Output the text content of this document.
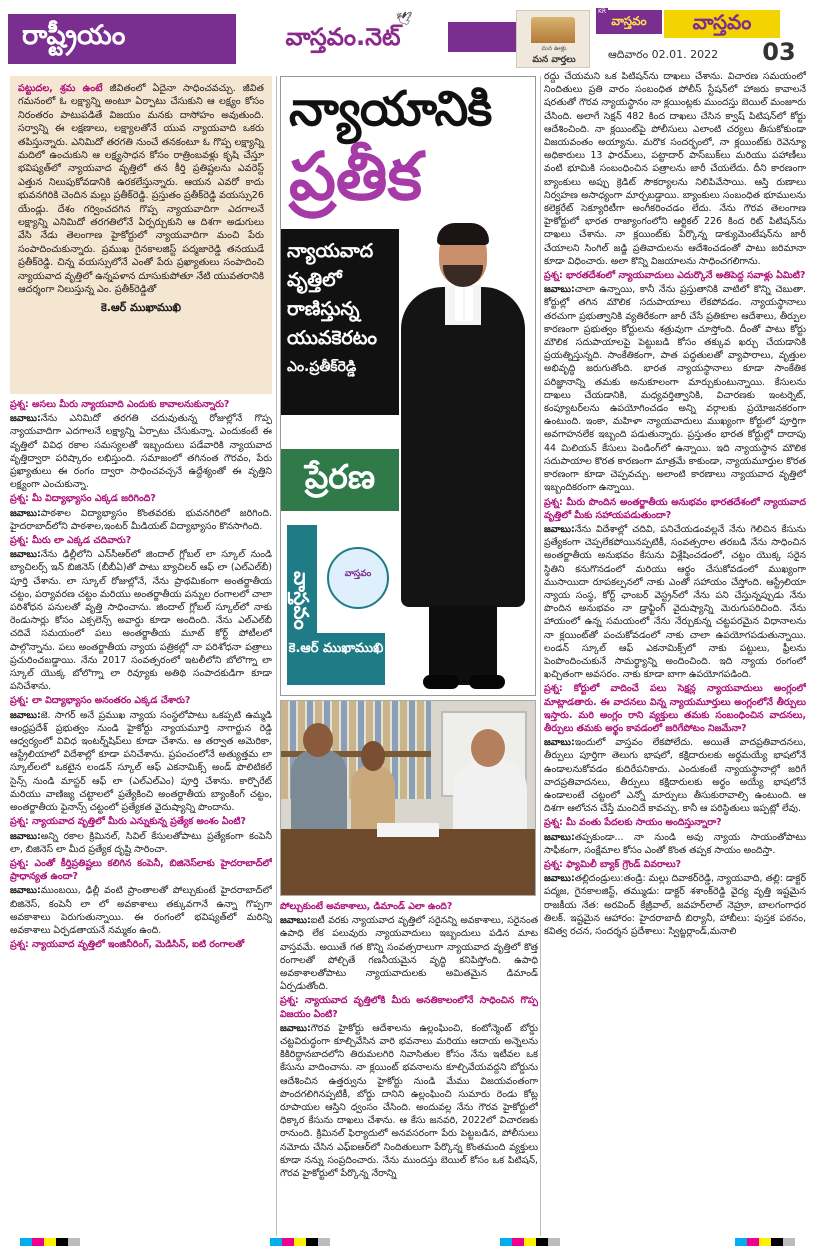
రాష్ట్రీయం	వాస్తవం.నెట్
🕊
మన ఊళ్లు
మన వార్తలు
వాస్తవం
KR	వాస్తవం
ఆదివారం 02.01. 2022	03
పట్టుదల, శ్రమ ఉంటే జీవితంలో ఏదైనా సాధించవచ్చు. జీవిత గమనంలో ఓ లక్ష్యాన్ని అంటూ ఏర్పాటు చేసుకుని ఆ లక్ష్యం కోసం నిరంతరం పాటుపడితే విజయం మనకు దాసోహం అవుతుంది. సర్వాన్ని ఈ లక్షణాలు, లక్ష్యాలతోనే యువ న్యాయవాది ఒకరు తపిస్తున్నారు. ఎనిమిదో తరగతి నుంచే తనకంటూ ఓ గొప్ప లక్ష్యాన్ని మదిలో ఉంచుకుని ఆ లక్ష్యసాధన కోసం రాత్రింబవళ్లు కృషి చేస్తూ భవిష్యత్‌లో న్యాయవాద వృత్తిలో తన కీర్తి ప్రతిష్టలను ఎవరెస్ట్ ఎత్తున నిలుపుకోవడానికి ఉరకలేస్తున్నారు. ఆయన ఎవరో కాదు భువనగిరికి చెందిన మల్లు ప్రతీక్‌రెడ్డి. ప్రస్తుతం ప్రతీక్‌రెడ్డి వయస్సు26 యేండ్లు. దేశం గర్వించదగిన గొప్ప న్యాయవాదిగా ఎదగాలనే లక్ష్యాన్ని ఎనిమిదో తరగతిలోనే ఏర్పర్చుకుని ఆ దిశగా అడుగులు వేసి నేడు తెలంగాణ హైకోర్టులో న్యాయవాదిగా మంచి పేరు సంపాదించుకున్నారు. ప్రముఖ గైనకాలజిస్ట్ పద్మజారెడ్డి తనయుడే ప్రతీక్‌రెడ్డి. చిన్న వయస్సులోనే ఎంతో పేరు ప్రఖ్యాతులు సంపాదించి న్యాయవాద వృత్తిలో ఉన్నపళాన దూసుకుపోతూ నేటి యువతరానికి ఆదర్శంగా నిలుస్తున్న ఎం. ప్రతీక్‌రెడ్డితో
కె.ఆర్ ముఖాముఖి

ప్రశ్న: అసలు మీరు న్యాయవాది ఎందుకు కావాలనుకున్నారు?

జవాబు:నేను ఎనిమిదో తరగతి చదువుతున్న రోజుల్లోనే గొప్ప న్యాయవాదిగా ఎదగాలనే లక్ష్యాన్ని ఏర్పాటు చేసుకున్నా. ఎందుకంటే ఈ వృత్తిలో వివిధ రకాల సమస్యలతో ఇబ్బందులు పడేవారికి న్యాయవాద వృత్తిద్వారా పరిష్కారం లభిస్తుంది. సమాజంలో తగినంత గౌరవం, పేరు ప్రఖ్యాతులు ఈ రంగం ద్వారా సాధించవచ్చనే ఉద్దేశ్యంతో ఈ వృత్తిని లక్ష్యంగా ఎంచుకున్నా.

ప్రశ్న: మీ విద్యాభ్యాసం ఎక్కడ జరిగింది?

జవాబు:పాఠశాల విద్యాభ్యాసం కొంతవరకు భువనగిరిలో జరిగింది. హైదరాబాద్‌లోని పాఠశాల,ఇంటర్ మీడియట్ విద్యాభ్యాసం కొనసాగింది.

ప్రశ్న: మీరు లా ఎక్కడ చదివారు?

జవాబు:నేను ఢిల్లీలోని ఎన్‌సీఆర్‌లో జిందాల్ గ్లోబల్ లా స్కూల్ నుండి బ్యాచిలర్స్ ఇన్ బిజినెస్ (బీబీఏ)తో పాటు బ్యాచిలర్ ఆఫ్ లా (ఎల్‌ఎల్‌బీ) పూర్తి చేశాను. లా స్కూల్ రోజుల్లోనే, నేను ప్రాథమికంగా అంతర్జాతీయ చట్టం, పర్యావరణ చట్టం మరియు అంతర్జాతీయ పన్నుల రంగాలలో చాలా పరిశోధన పనులతో వృత్తి సాధించాను. జిందాల్ గ్లోబల్ స్కూల్‌లో నాకు రెండుసార్లు కోసం ఎక్సలెన్స్ అవార్డు కూడా అందింది. నేను ఎల్‌ఎల్‌బీ చదివే సమయంలో పలు అంతర్జాతీయ మూట్ కోర్ట్ పోటీలలో పాల్గొన్నాను. పలు అంతర్జాతీయ న్యాయ పత్రికల్లో నా పరిశోధనా పత్రాలు ప్రచురించబడ్డాయి. నేను 2017 సంవత్సరంలో ఇటలీలోని బోలొగ్నా లా స్కూల్ యొక్క బోలొగ్నా లా రివ్యూకు అతిథి సంపాదకుడిగా కూడా పనిచేశాను.

ప్రశ్న: లా విద్యాభ్యాసం అనంతరం ఎక్కడ చేశారు?

జవాబు:జె. సాగర్ అనే ప్రముఖ న్యాయ సంస్థలోపాటు ఒకప్పటి ఉమ్మడి ఆంధ్రప్రదేశ్ ప్రభుత్వం నుండి హైకోర్టు న్యాయమూర్తి నాగార్జున రెడ్డి ఆధ్వర్యంలో వివిధ ఇంటర్న్‌షిప్‌లు కూడా చేశాను. ఆ తర్వాత అమెరికా, ఆస్ట్రేలియాలో విదేశాల్లో కూడా పనిచేశాను. ప్రపంచంలోనే అత్యుత్తమ లా స్కూల్‌లలో ఒకటైన లండన్ స్కూల్ ఆఫ్ ఎకనామిక్స్ అండ్ పొలిటికల్ సైన్స్ నుండి మాస్టర్ ఆఫ్ లా (ఎల్‌ఎల్‌ఎం) పూర్తి చేశాను. కార్పొరేట్ మరియు వాణిజ్య చట్టాలలో ప్రత్యేకించి అంతర్జాతీయ బ్యాంకింగ్ చట్టం, అంతర్జాతీయ ఫైనాన్స్ చట్టంలో ప్రత్యేకత వైదుష్యాన్ని పొందాను.

ప్రశ్న: న్యాయవాద వృత్తిలో మీరు ఎన్నుకున్న ప్రత్యేక అంశం ఏంటి?

జవాబు:అన్ని రకాల క్రిమినల్, సివిల్ కేసులతోపాటు ప్రత్యేకంగా కంపెనీ లా, బిజినెస్ లా మీద ప్రత్యేక దృష్టి సారించా.

ప్రశ్న: ఎంతో కీర్తిప్రతిష్టలు కలిగిన కంపెనీ, బిజినెస్‌లాకు హైదరాబాద్‌లో ప్రాధాన్యత ఉందా?

జవాబు:ముంబయి, ఢిల్లీ వంటి ప్రాంతాలతో పోల్చుకుంటే హైదరాబాద్‌లో బిజినెస్, కంపెనీ లా లో అవకాశాలు తక్కువగానే ఉన్నా గొప్పగా అవకాశాలు పెరుగుతున్నాయి. ఈ రంగంలో భవిష్యత్‌లో మరిన్ని అవకాశాలు ఏర్పడతాయనే నమ్మకం ఉంది.

ప్రశ్న: న్యాయవాద వృత్తిలో ఇంజినీరింగ్, మెడిసిన్, ఐటి రంగాలతో

న్యాయానికి
ప్రతీక
న్యాయవాద
వృత్తిలో
రాణిస్తున్న
యువకెరటం
ఎం.ప్రతీక్‌రెడ్డి
ప్రేరణ
వాస్తవం	వాస్తవం
కె.ఆర్ ముఖాముఖి

పోల్చుకుంటే అవకాశాలు, డిమాండ్ ఎలా ఉంది?

జవాబు:ఐటీ వరకు న్యాయవాద వృత్తిలో సరైనన్ని అవకాశాలు, సరైనంత ఉపాధి లేక పలువురు న్యాయవాదులు ఇబ్బందులు పడిన మాట వాస్తవమే. అయితే గత కొన్ని సంవత్సరాలుగా న్యాయవాద వృత్తిలో కొత్త రంగాలతో పోల్చితే గణనీయమైన వృద్ధి కనిపిస్తోంది. ఉపాధి అవకాశాలతోపాటు న్యాయవాదులకు అమితమైన డిమాండ్ ఏర్పడుతోంది.

ప్రశ్న: న్యాయవాద వృత్తిలోకి మీరు అనతికాలంలోనే సాధించిన గొప్ప విజయం ఏంటి?

జవాబు:గౌరవ హైకోర్టు ఆదేశాలను ఉల్లంఘించి, కంటోన్మెంట్ బోర్డు చట్టవిరుద్ధంగా కూల్చివేసిన వారి భవనాలు మరియు ఆదాయ అన్నెలను కికిరిద్దానబాదలోని తిరుమలగిరి నివాసితుల కోసం నేను ఇటీవల ఒక కేసును వాదించాను. నా క్లయింట్ భవనాలను కూల్చివేయవద్దని బోర్డును ఆదేశించిన ఉత్తర్వును హైకోర్టు నుండి మేము విజయవంతంగా పొందగలిగినప్పటికీ, బోర్డు దానిని ఉల్లంఘించి సుమారు రెండు కోట్ల రూపాయల ఆస్తిని ధ్వంసం చేసింది. అందువల్ల నేను గౌరవ హైకోర్టులో ధిక్కార కేసును దాఖలు చేశాను. ఆ కేసు జనవరి, 2022లో విచారణకు రానుంది. క్రిమినల్ ఫిర్యాదులో అనవసరంగా పేరు పెట్టబడిన, పోలీసులు నమోదు చేసిన ఎఫ్‌ఐఆర్‌లో నిందితులుగా పేర్కొన్న కొంతమంది వ్యక్తులు కూడా నన్ను సంప్రదించారు. నేను ముందస్తు బెయిల్ కోసం ఒక పిటిషన్, గౌరవ హైకోర్టులో పేర్కొన్న నేరాన్ని

రద్దు చేయమని ఒక పిటిషన్‌ను దాఖలు చేశాను. విచారణ సమయంలో నిందితులు ప్రతి వారం సంబంధిత పోలీస్ స్టేషన్‌లో హాజరు కావాలనే షరతుతో గౌరవ న్యాయస్థానం నా క్లయింట్లకు ముందస్తు బెయిల్ మంజూరు చేసింది. అలాగే సెక్షన్ 482 కింద దాఖలు చేసిన క్వాష్ పిటిషన్‌లో కోర్టు ఆదేశించింది. నా క్లయింట్‌పై పోలీసులు ఎలాంటి చర్యలు తీసుకోకుండా విజయవంతం అయ్యాను. మరొక సందర్భంలో, నా క్లయింట్‌కు రెవెన్యూ అధికారులు 13 ఫారమ్‌లు, పట్టాదార్ పాస్‌బుక్‌లు మరియు పహాణీలు వంటి భూమికి సంబంధించిన పత్రాలను జారీ చేయలేదు. దీని కారణంగా బ్యాంకులు అప్పు క్రెడిట్ సౌకర్యాలను నిలిపివేసాయి. ఆస్తి రుణాలు నిర్వహణ అసాధ్యంగా మార్చబడ్డాయి. బ్యాంకులు సంబంధిత భూములను కలెక్టరేట్ సెక్యూరిటీగా అంగీకరించడం లేదు. నేను గౌరవ తెలంగాణ హైకోర్టులో భారత రాజ్యాంగంలోని ఆర్టికల్ 226 కింద రిట్ పిటిషన్‌ను దాఖలు చేశాను. నా క్లయింట్‌కు పేర్కొన్న డాక్యుమెంటేషన్‌ను జారీ చేయాలని సింగిల్ జడ్జి ప్రతివాదులను ఆదేశించడంతో పాటు జరిమానా కూడా విధించారు. అలా కొన్ని విజయాలను సాధించగలిగాను.

ప్రశ్న: భారతదేశంలో న్యాయవాదులు ఎదుర్కొనే అతిపెద్ద సవాళ్లు ఏమిటి?

జవాబు:చాలా ఉన్నాయి, కానీ నేను ప్రస్తుతానికి వాటిలో కొన్ని చెబుతా. కోర్టుల్లో తగిన మౌలిక సదుపాయాలు లేకపోవడం. న్యాయస్థానాలు తరచుగా ప్రభుత్వానికి వ్యతిరేకంగా జారీ చేసే ప్రతికూల ఆదేశాలు, తీర్పుల కారణంగా ప్రభుత్వం కోర్టులను శత్రువుగా చూస్తోంది. దీంతో పాటు కోర్టు మౌలిక సదుపాయాలపై పెట్టుబడి కోసం తక్కువ ఖర్చు చేయడానికి ప్రయత్నిస్తున్నది. సాంకేతికంగా, పాత పద్ధతులతో వ్యాపారాలు, వృత్తుల అభివృద్ధి జరుగుతోంది. భారత న్యాయస్థానాలు కూడా సాంకేతిక పరిజ్ఞానాన్ని తమకు అనుకూలంగా మార్చుకుంటున్నాయి. కేసులను దాఖలు చేయడానికి, మధ్యవర్తిత్వానికి, విచారణకు ఇంటర్నెట్, కంప్యూటర్‌లను ఉపయోగించడం అన్ని వర్గాలకు ప్రయోజనకరంగా ఉంటుంది. ఇంకా, మహిళా న్యాయవాదులు ముఖ్యంగా కోర్టులో పూర్తిగా అవగాహనలేక ఇబ్బంది పడుతున్నారు. ప్రస్తుతం భారత కోర్టుల్లో దాదాపు 44 మిలియన్ కేసులు పెండింగ్‌లో ఉన్నాయి. ఇది న్యాయస్థాన మౌలిక సదుపాయాల కొరత కారణంగా మాత్రమే కాకుండా, న్యాయమూర్తుల కొరత కారణంగా కూడా చెప్పవచ్చు. అలాంటి కారణాలు న్యాయవాద వృత్తిలో ఇబ్బందికరంగా ఉన్నాయి.

ప్రశ్న: మీరు పొందిన అంతర్జాతీయ అనుభవం భారతదేశంలో న్యాయవాద వృత్తిలో మీకు సహాయపడుతుందా?

జవాబు:నేను విదేశాల్లో చదివి, పనిచేయడంవల్లనే నేను గెలిచిన కేసును ప్రత్యేకంగా చెప్పలేకపోయినప్పటికీ, సంవత్సరాల తరబడి నేను సాధించిన అంతర్జాతీయ అనుభవం కేసును విశ్లేషించడంలో, చట్టం యొక్క సరైన స్థితిని కనుగొనడంలో మరియు ఆర్థం చేసుకోవడంలో ముఖ్యంగా ముసాయిదా రూపకల్పనలో నాకు ఎంతో సహాయం చేస్తోంది. ఆస్ట్రేలియా న్యాయ సంస్థ, కోర్ట్ ఛాంబర్ వెస్ట్రన్‌లో నేను పని చేస్తున్నప్పుడు నేను పొందిన అనుభవం నా డ్రాఫ్టింగ్ వైదుష్యాన్ని మెరుగుపరిచింది. నేను హాయంలో ఉన్న సమయంలో నేను నేర్చుకున్న చట్టపరమైన విధానాలను నా క్లయింట్‌తో పంచుకోవడంలో నాకు చాలా ఉపయోగపడుతున్నాయి. లండన్ స్కూల్ ఆఫ్ ఎకనామిక్స్‌లో నాకు పట్టులు, ఫ్రీలను పెంపొందించుకునే సామర్థ్యాన్ని అందించింది. ఇది న్యాయ రంగంలో ఖచ్చితంగా అవసరం. నాకు కూడా బాగా ఉపయోగపడింది.

ప్రశ్న: కోర్టులో వాదించే పలు సెక్షన్ల న్యాయవాదులు అంగ్లంలో మాట్లాడతారు. ఈ వాదనలు విన్న న్యాయమూర్తులు అంగ్లంలోనే తీర్పులు ఇస్తారు. మరి అంగ్లం రాని వ్యక్తులు తమకు సంబంధించిన వాదనలు, తీర్పులు తమకు అర్థం కావడంలో జరిగేపోటం నిజమేనా?

జవాబు:ఇందులో వాస్తవం లేకపోలేదు. అయితే వాదప్రతివాదనలు, తీర్పులు పూర్తిగా తెలుగు భాషలో, కక్షిదారులకు అర్థమయ్యే భాషలోనే ఉండాలనుకోవడం కుదిరేపనికాదు. ఎందుకంటే న్యాయస్థానాల్లో జరిగే వాదప్రతివాదనలు, తీర్పులు కక్షిదారులకు అర్థం అయ్యే భాషలోనే ఉండాలంటే చట్టంలో ఎన్నో మార్పులు తీసుకురావాల్సి ఉంటుంది. ఆ దిశగా ఆలోచన చేస్తే మంచిదే కావచ్చు. కానీ ఆ పరిస్థితులు ఇప్పట్లో లేవు.

ప్రశ్న: మీ వంతు పేదలకు సాయం అందిస్తున్నారా?

జవాబు:తప్పకుండా... నా నుండి అవు న్యాయ సాయంతోపాటు సాఫీకంగా, సంక్షేమాల కోసం ఎంతో కొంత తప్పక సాయం అందిస్తా.

ప్రశ్న: ఫ్యామిలీ బ్యాక్ గ్రౌండ్ వివరాలు?

జవాబు:తల్లిదండ్రులు:తండ్రి: మల్లు దివాకర్‌రెడ్డి, న్యాయవాది, తల్లి: డాక్టర్ పద్మజ, గైనకాలజిస్ట్, తమ్ముడు: డాక్టర్ శశాంక్‌రెడ్డి వైద్య వృత్తి ఇష్టమైన రాజకీయ నేత: అరవింద్ కేజ్రీవాల్, జవహర్‌లాల్ నెహ్రూ, బాలగంగాధర తిలక్. ఇష్టమైన ఆహారం: హైదరాబాదీ బిర్యానీ, హాబీలు: పుస్తక పఠనం, కవిత్వ రచన, సందర్శన ప్రదేశాలు: స్విట్జర్లాండ్,మనాలి
